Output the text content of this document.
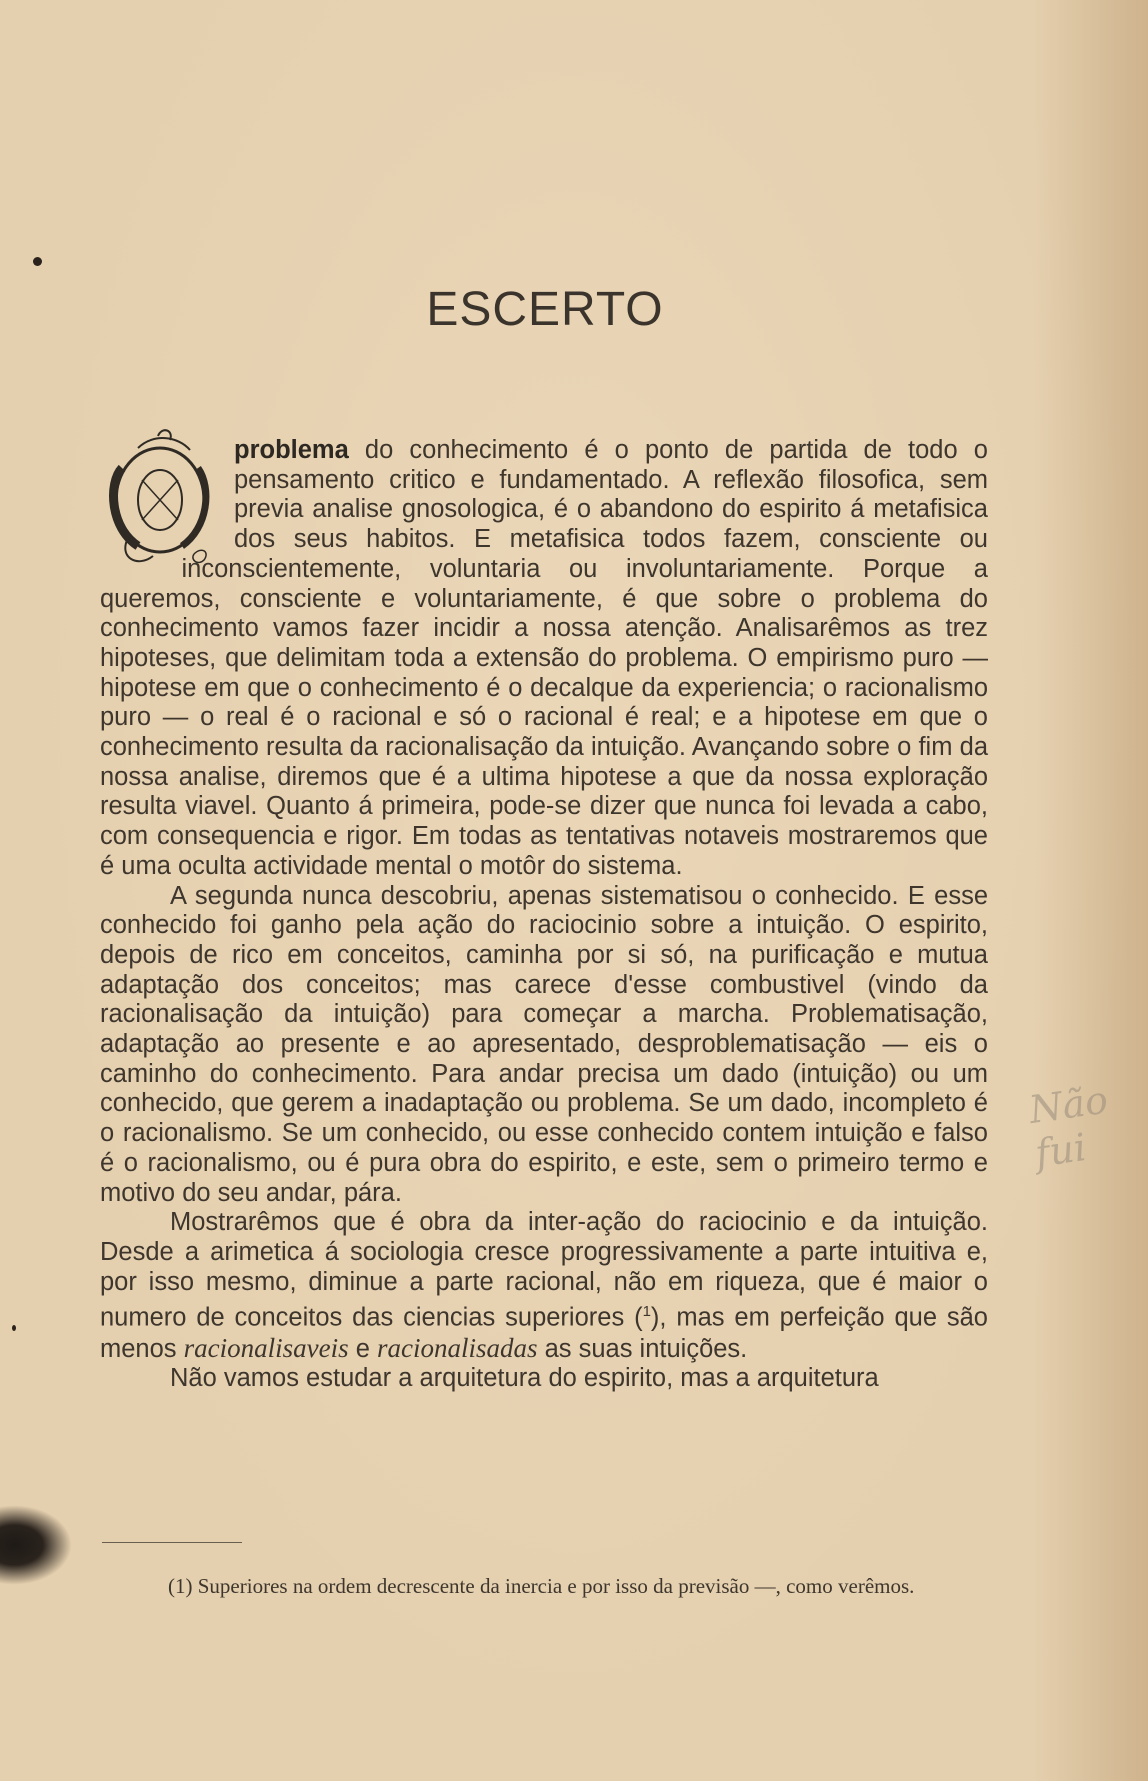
ESCERTO

problema do conhecimento é o ponto de partida de todo o pensamento critico e fundamentado. A reflexão filosofica, sem previa analise gnosologica, é o abandono do espirito á metafisica dos seus habitos. E metafisica todos fazem, consciente ou inconscientemente, voluntaria ou involuntariamente. Porque a queremos, consciente e voluntariamente, é que sobre o problema do conhecimento vamos fazer incidir a nossa atenção. Analisarêmos as trez hipoteses, que delimitam toda a extensão do problema. O empirismo puro — hipotese em que o conhecimento é o decalque da experiencia; o racionalismo puro — o real é o racional e só o racional é real; e a hipotese em que o conhecimento resulta da racionalisação da intuição. Avançando sobre o fim da nossa analise, diremos que é a ultima hipotese a que da nossa exploração resulta viavel. Quanto á primeira, pode-se dizer que nunca foi levada a cabo, com consequencia e rigor. Em todas as tentativas notaveis mostraremos que é uma oculta actividade mental o motôr do sistema.

A segunda nunca descobriu, apenas sistematisou o conhecido. E esse conhecido foi ganho pela ação do raciocinio sobre a intuição. O espirito, depois de rico em conceitos, caminha por si só, na purificação e mutua adaptação dos conceitos; mas carece d'esse combustivel (vindo da racionalisação da intuição) para começar a marcha. Problematisação, adaptação ao presente e ao apresentado, desproblematisação — eis o caminho do conhecimento. Para andar precisa um dado (intuição) ou um conhecido, que gerem a inadaptação ou problema. Se um dado, incompleto é o racionalismo. Se um conhecido, ou esse conhecido contem intuição e falso é o racionalismo, ou é pura obra do espirito, e este, sem o primeiro termo e motivo do seu andar, pára.

Mostrarêmos que é obra da inter-ação do raciocinio e da intuição. Desde a arimetica á sociologia cresce progressivamente a parte intuitiva e, por isso mesmo, diminue a parte racional, não em riqueza, que é maior o numero de conceitos das ciencias superiores ($^1$), mas em perfeição que são menos racionalisaveis e racionalisadas as suas intuições.

Não vamos estudar a arquitetura do espirito, mas a arquitetura

(1) Superiores na ordem decrescente da inercia e por isso da previsão —, como verêmos.
Não fui
